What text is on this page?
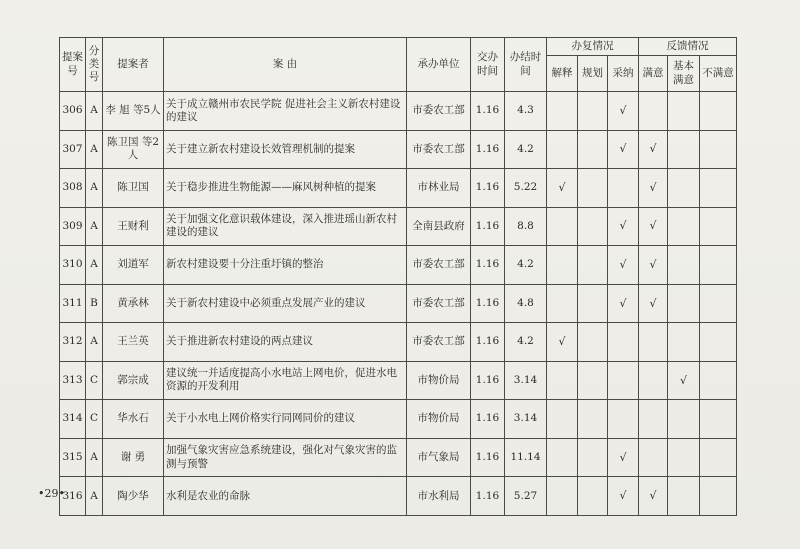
提案号	分类号	提案者	案 由	承办单位	交办时间	办结时间	办复情况			反馈情况		
							解释	规划	采纳	满意	基本满意	不满意
306	A	李 旭 等5人	关于成立赣州市农民学院 促进社会主义新农村建设的建议	市委农工部	1.16	4.3			√			
307	A	陈卫国 等2人	关于建立新农村建设长效管理机制的提案	市委农工部	1.16	4.2			√	√		
308	A	陈卫国	关于稳步推进生物能源——麻风树种植的提案	市林业局	1.16	5.22	√			√		
309	A	王财利	关于加强文化意识载体建设，深入推进瑶山新农村建设的建议	全南县政府	1.16	8.8			√	√		
310	A	刘道军	新农村建设要十分注重圩镇的整治	市委农工部	1.16	4.2			√	√		
311	B	黄承林	关于新农村建设中必须重点发展产业的建议	市委农工部	1.16	4.8			√	√		
312	A	王兰英	关于推进新农村建设的两点建议	市委农工部	1.16	4.2	√					
313	C	郭宗成	建议统一并适度提高小水电站上网电价，促进水电资源的开发利用	市物价局	1.16	3.14					√	
314	C	华水石	关于小水电上网价格实行同网同价的建议	市物价局	1.16	3.14						
315	A	谢 勇	加强气象灾害应急系统建设，强化对气象灾害的监测与预警	市气象局	1.16	11.14			√			
316	A	陶少华	水利是农业的命脉	市水利局	1.16	5.27			√	√		
•29•
